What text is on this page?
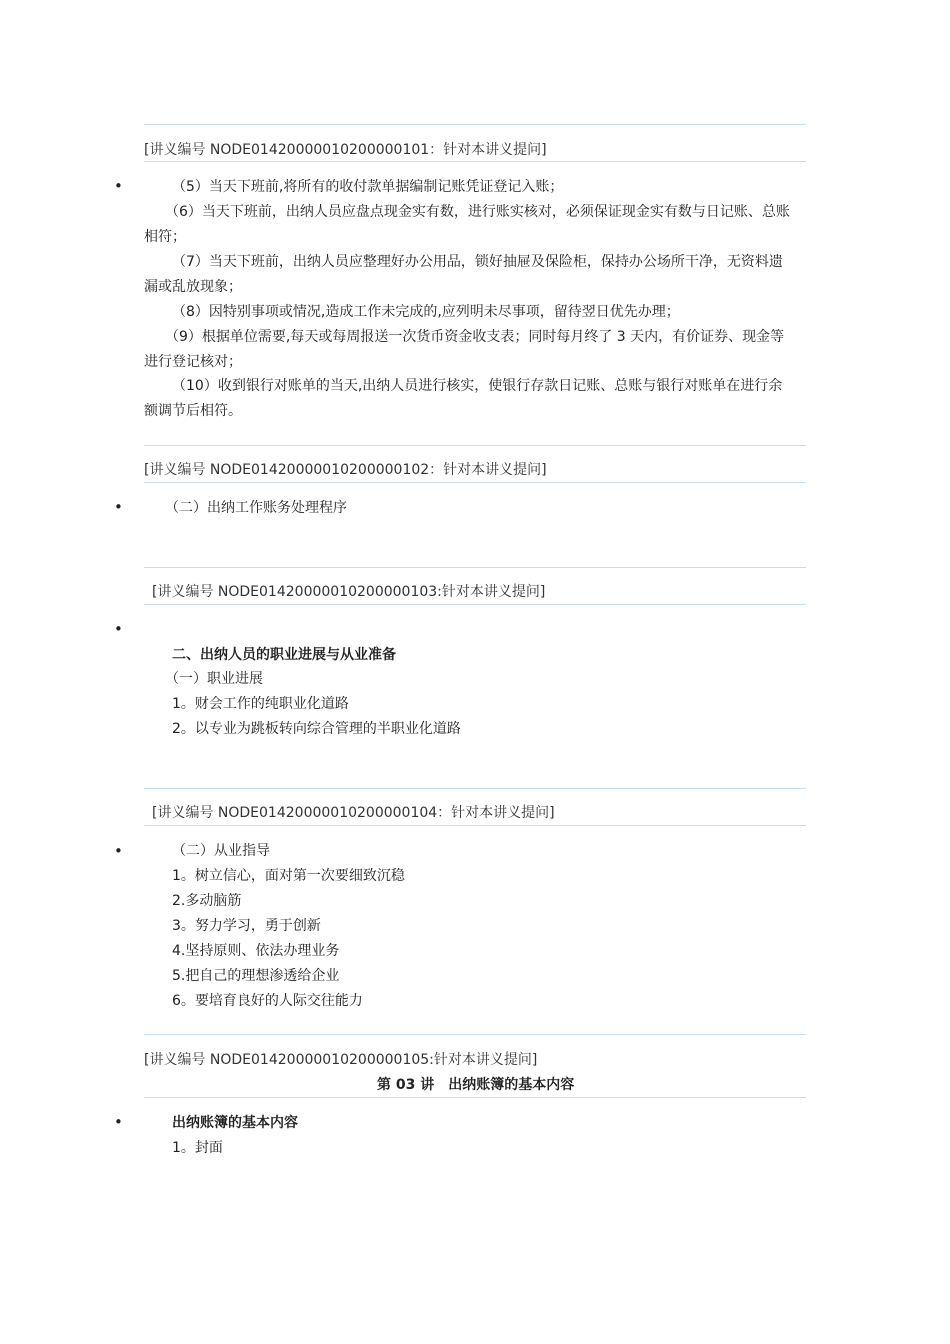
[讲义编号 NODE01420000010200000101：针对本讲义提问]
•	（5）当天下班前,将所有的收付款单据编制记账凭证登记入账；
（6）当天下班前，出纳人员应盘点现金实有数，进行账实核对，必须保证现金实有数与日记账、总账
相符；
（7）当天下班前，出纳人员应整理好办公用品，锁好抽屉及保险柜，保持办公场所干净，无资料遗
漏或乱放现象；
（8）因特别事项或情况,造成工作未完成的,应列明未尽事项，留待翌日优先办理；
（9）根据单位需要,每天或每周报送一次货币资金收支表；同时每月终了 3 天内，有价证券、现金等
进行登记核对；
（10）收到银行对账单的当天,出纳人员进行核实，使银行存款日记账、总账与银行对账单在进行余
额调节后相符。
[讲义编号 NODE01420000010200000102：针对本讲义提问]
•	（二）出纳工作账务处理程序
[讲义编号 NODE01420000010200000103:针对本讲义提问]
•
二、出纳人员的职业进展与从业准备
（一）职业进展
1。财会工作的纯职业化道路
2。以专业为跳板转向综合管理的半职业化道路
[讲义编号 NODE01420000010200000104：针对本讲义提问]
•	（二）从业指导
1。树立信心，面对第一次要细致沉稳
2.多动脑筋
3。努力学习，勇于创新
4.坚持原则、依法办理业务
5.把自己的理想渗透给企业
6。要培育良好的人际交往能力
[讲义编号 NODE01420000010200000105:针对本讲义提问]
第 03 讲　出纳账簿的基本内容
•	出纳账簿的基本内容
1。封面
